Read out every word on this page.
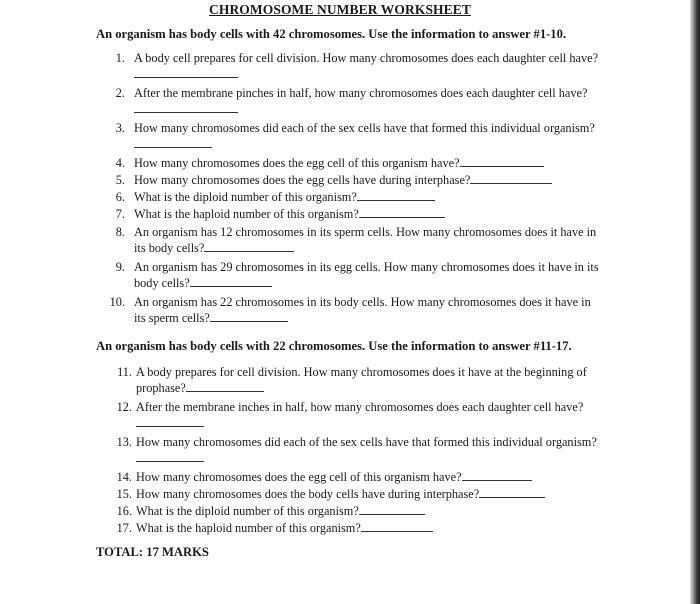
CHROMOSOME NUMBER WORKSHEET
An organism has body cells with 42 chromosomes. Use the information to answer #1-10.
1. A body cell prepares for cell division. How many chromosomes does each daughter cell have?
2. After the membrane pinches in half, how many chromosomes does each daughter cell have?
3. How many chromosomes did each of the sex cells have that formed this individual organism?
4. How many chromosomes does the egg cell of this organism have?
5. How many chromosomes does the egg cells have during interphase?
6. What is the diploid number of this organism?
7. What is the haploid number of this organism?
8. An organism has 12 chromosomes in its sperm cells. How many chromosomes does it have in its body cells?
9. An organism has 29 chromosomes in its egg cells. How many chromosomes does it have in its body cells?
10. An organism has 22 chromosomes in its body cells. How many chromosomes does it have in its sperm cells?
An organism has body cells with 22 chromosomes. Use the information to answer #11-17.
11. A body prepares for cell division. How many chromosomes does it have at the beginning of prophase?
12. After the membrane inches in half, how many chromosomes does each daughter cell have?
13. How many chromosomes did each of the sex cells have that formed this individual organism?
14. How many chromosomes does the egg cell of this organism have?
15. How many chromosomes does the body cells have during interphase?
16. What is the diploid number of this organism?
17. What is the haploid number of this organism?
TOTAL: 17 MARKS
